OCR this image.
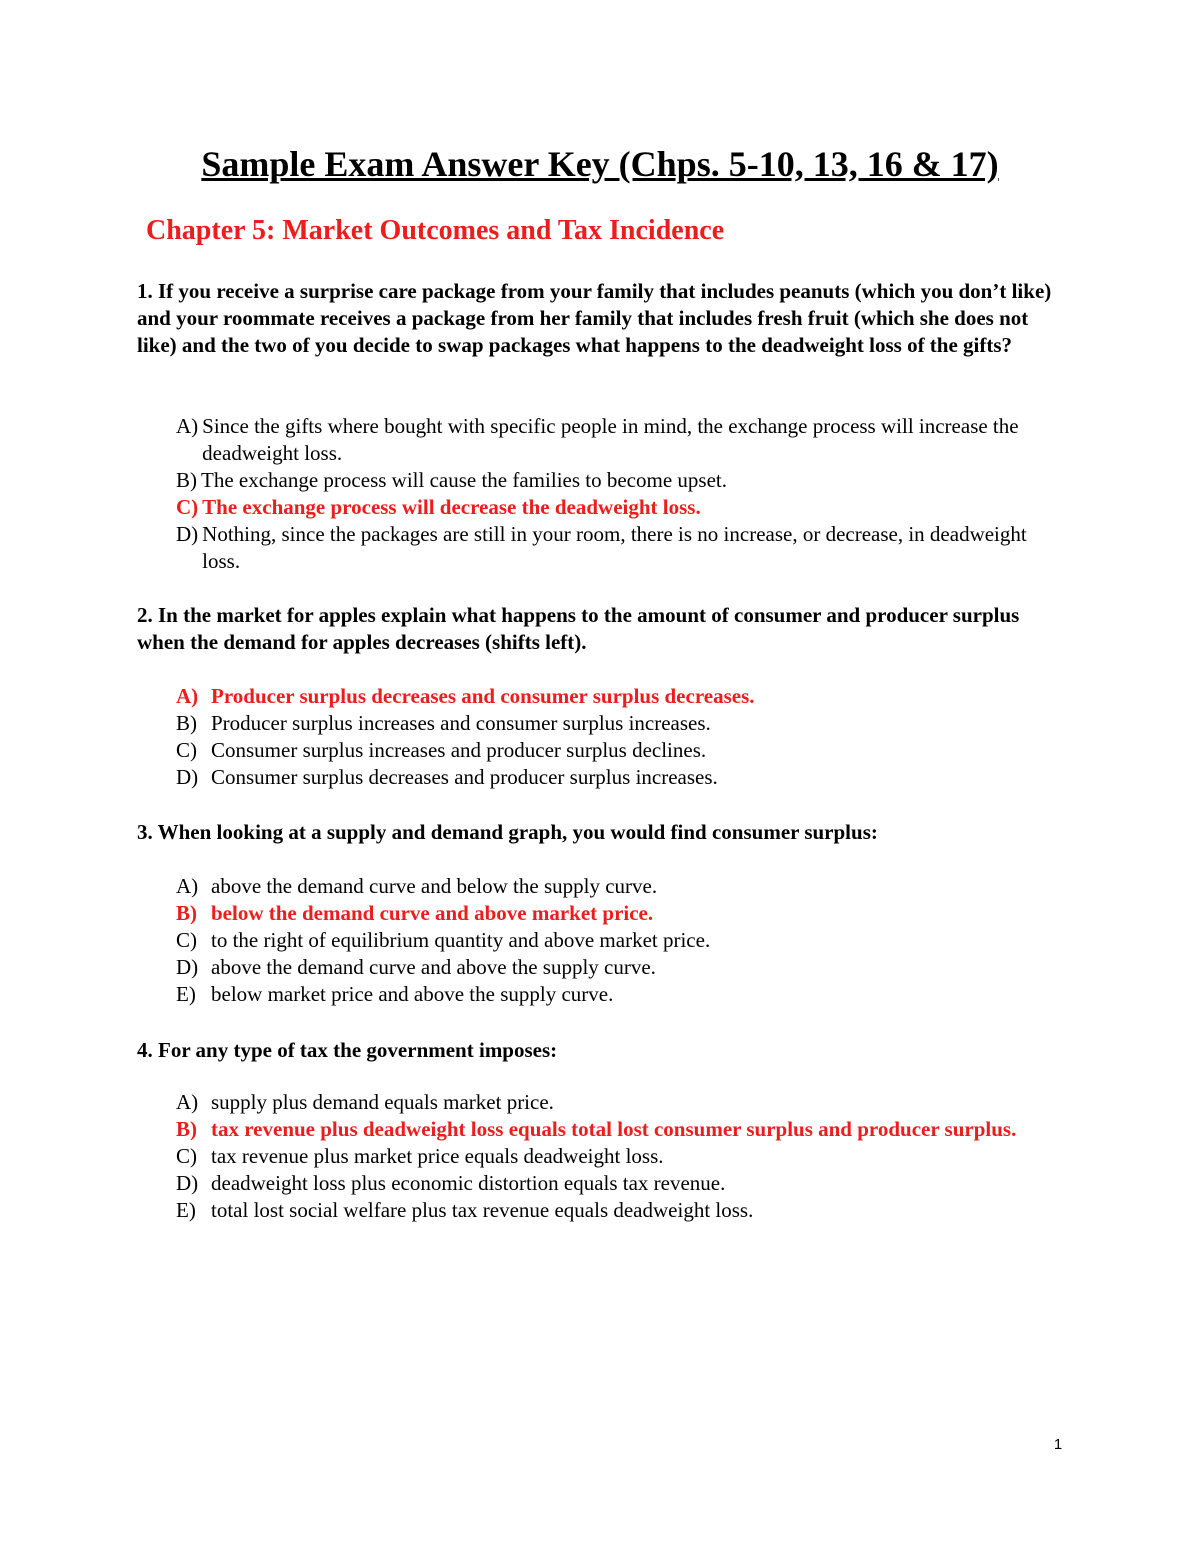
Sample Exam Answer Key (Chps. 5-10, 13, 16 & 17)
Chapter 5: Market Outcomes and Tax Incidence

1. If you receive a surprise care package from your family that includes peanuts (which you don’t like) and your roommate receives a package from her family that includes fresh fruit (which she does not like) and the two of you decide to swap packages what happens to the deadweight loss of the gifts?

A) Since the gifts where bought with specific people in mind, the exchange process will increase the deadweight loss.
B) The exchange process will cause the families to become upset.
C) The exchange process will decrease the deadweight loss.
D) Nothing, since the packages are still in your room, there is no increase, or decrease, in deadweight loss.

2. In the market for apples explain what happens to the amount of consumer and producer surplus when the demand for apples decreases (shifts left).

A) Producer surplus decreases and consumer surplus decreases.
B) Producer surplus increases and consumer surplus increases.
C) Consumer surplus increases and producer surplus declines.
D) Consumer surplus decreases and producer surplus increases.

3. When looking at a supply and demand graph, you would find consumer surplus:

A) above the demand curve and below the supply curve.
B) below the demand curve and above market price.
C) to the right of equilibrium quantity and above market price.
D) above the demand curve and above the supply curve.
E) below market price and above the supply curve.

4. For any type of tax the government imposes:

A) supply plus demand equals market price.
B) tax revenue plus deadweight loss equals total lost consumer surplus and producer surplus.
C) tax revenue plus market price equals deadweight loss.
D) deadweight loss plus economic distortion equals tax revenue.
E) total lost social welfare plus tax revenue equals deadweight loss.
1
